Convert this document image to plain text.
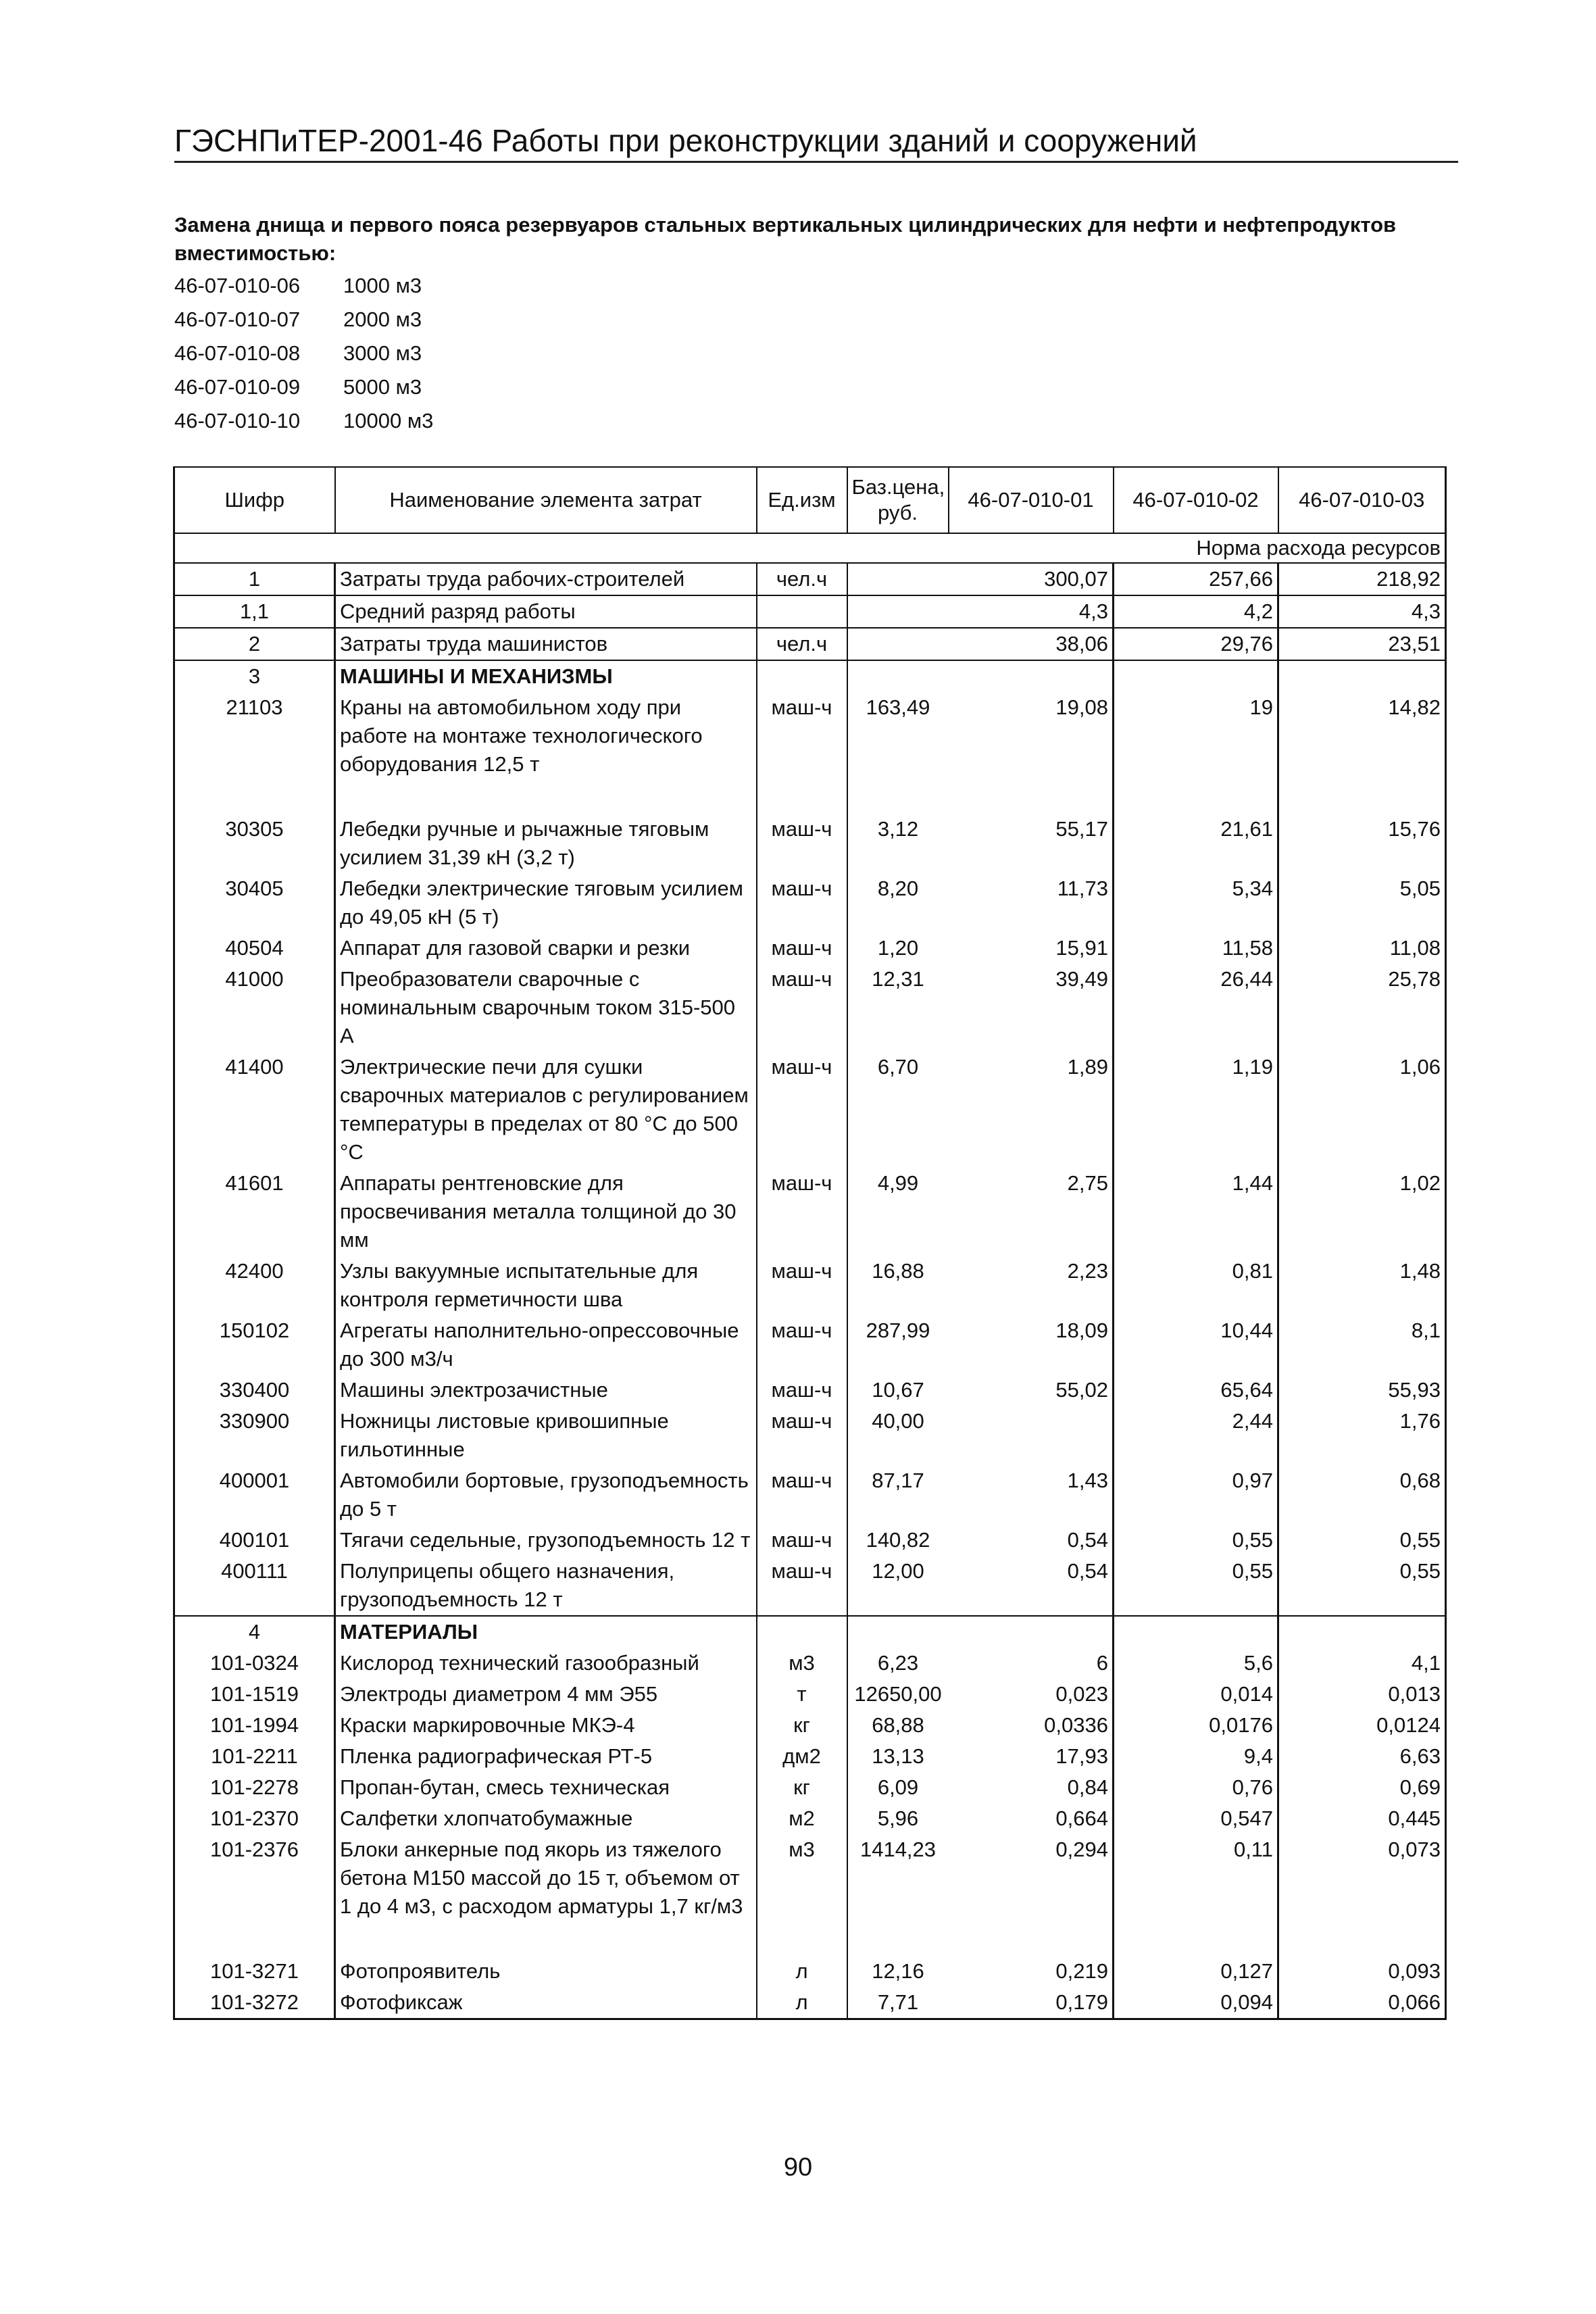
ГЭСНПиТЕР-2001-46 Работы при реконструкции зданий и сооружений
Замена днища и первого пояса резервуаров стальных вертикальных цилиндрических для нефти и нефтепродуктов вместимостью:
46-07-010-06	1000 м3
46-07-010-07	2000 м3
46-07-010-08	3000 м3
46-07-010-09	5000 м3
46-07-010-10	10000 м3
Шифр	Наименование элемента затрат	Ед.изм	Баз.цена, руб.	46-07-010-01	46-07-010-02	46-07-010-03
Норма расхода ресурсов						
1	Затраты труда рабочих-строителей	чел.ч		300,07	257,66	218,92
1,1	Средний разряд работы			4,3	4,2	4,3
2	Затраты труда машинистов	чел.ч		38,06	29,76	23,51
3	МАШИНЫ И МЕХАНИЗМЫ					
21103	Краны на автомобильном ходу при работе на монтаже технологического оборудования 12,5 т	маш-ч	163,49	19,08	19	14,82

30305	Лебедки ручные и рычажные тяговым усилием 31,39 кН (3,2 т)	маш-ч	3,12	55,17	21,61	15,76
30405	Лебедки электрические тяговым усилием до 49,05 кН (5 т)	маш-ч	8,20	11,73	5,34	5,05
40504	Аппарат для газовой сварки и резки	маш-ч	1,20	15,91	11,58	11,08
41000	Преобразователи сварочные с номинальным сварочным током 315-500 А	маш-ч	12,31	39,49	26,44	25,78
41400	Электрические печи для сушки сварочных материалов с регулированием температуры в пределах от 80 °С до 500 °С	маш-ч	6,70	1,89	1,19	1,06
41601	Аппараты рентгеновские для просвечивания металла толщиной до 30 мм	маш-ч	4,99	2,75	1,44	1,02
42400	Узлы вакуумные испытательные для контроля герметичности шва	маш-ч	16,88	2,23	0,81	1,48
150102	Агрегаты наполнительно-опрессовочные до 300 м3/ч	маш-ч	287,99	18,09	10,44	8,1
330400	Машины электрозачистные	маш-ч	10,67	55,02	65,64	55,93
330900	Ножницы листовые кривошипные гильотинные	маш-ч	40,00		2,44	1,76
400001	Автомобили бортовые, грузоподъемность до 5 т	маш-ч	87,17	1,43	0,97	0,68
400101	Тягачи седельные, грузоподъемность 12 т	маш-ч	140,82	0,54	0,55	0,55
400111	Полуприцепы общего назначения, грузоподъемность 12 т	маш-ч	12,00	0,54	0,55	0,55
4	МАТЕРИАЛЫ					
101-0324	Кислород технический газообразный	м3	6,23	6	5,6	4,1
101-1519	Электроды диаметром 4 мм Э55	т	12650,00	0,023	0,014	0,013
101-1994	Краски маркировочные МКЭ-4	кг	68,88	0,0336	0,0176	0,0124
101-2211	Пленка радиографическая РТ-5	дм2	13,13	17,93	9,4	6,63
101-2278	Пропан-бутан, смесь техническая	кг	6,09	0,84	0,76	0,69
101-2370	Салфетки хлопчатобумажные	м2	5,96	0,664	0,547	0,445
101-2376	Блоки анкерные под якорь из тяжелого бетона М150 массой до 15 т, объемом от 1 до 4 м3, с расходом арматуры 1,7 кг/м3	м3	1414,23	0,294	0,11	0,073

101-3271	Фотопроявитель	л	12,16	0,219	0,127	0,093
101-3272	Фотофиксаж	л	7,71	0,179	0,094	0,066
90
